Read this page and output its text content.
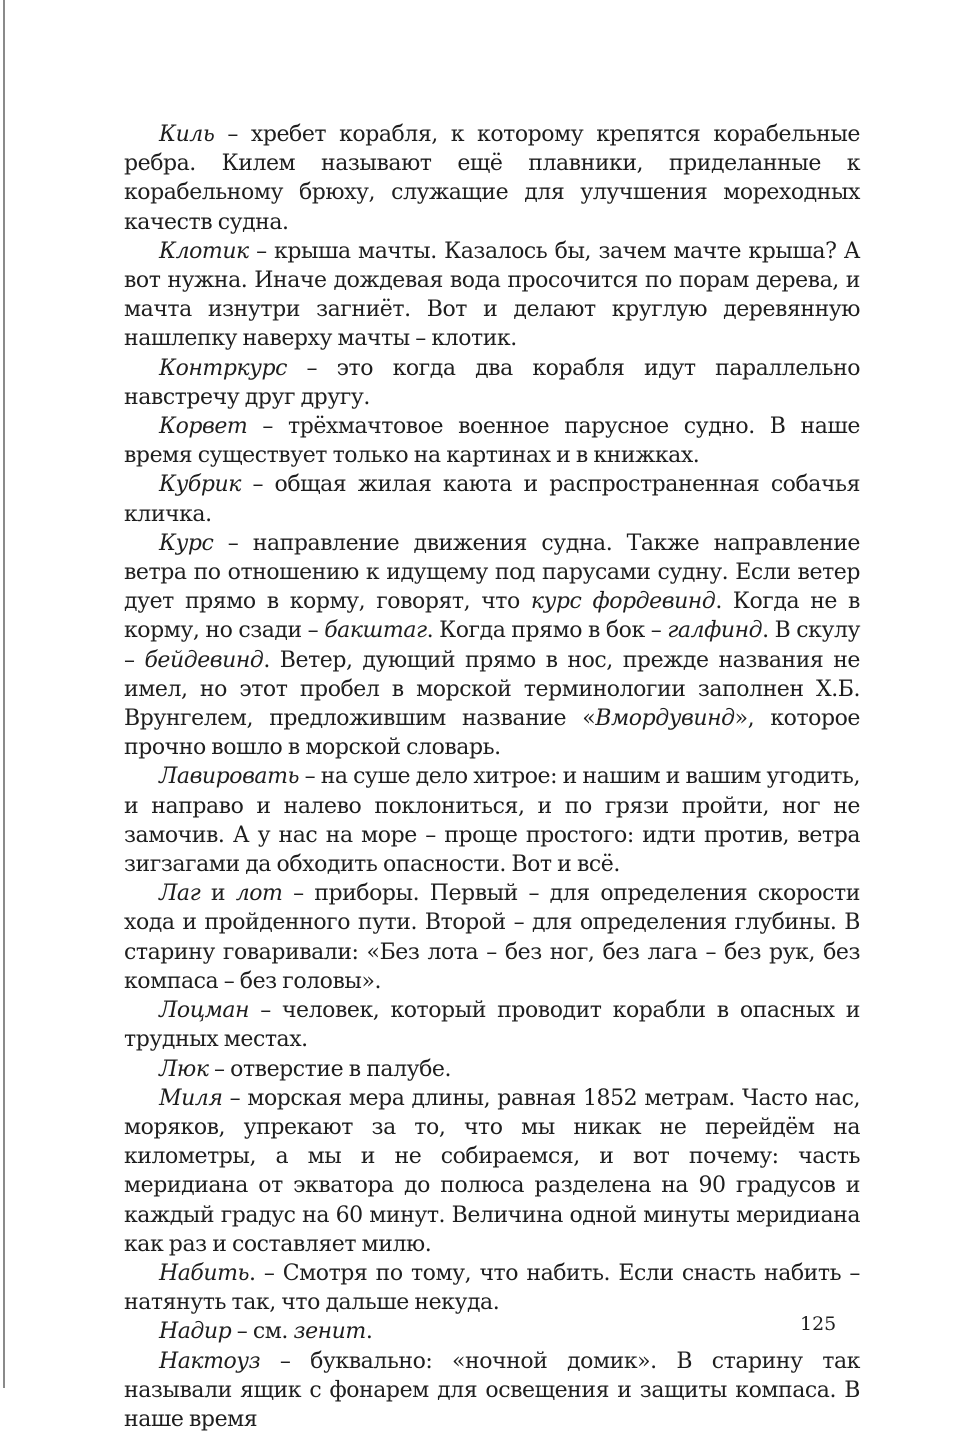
Киль – хребет корабля, к которому крепятся корабельные ребра. Килем называют ещё плавники, приделанные к корабельному брюху, служащие для улучшения мореходных качеств судна.

Клотик – крыша мачты. Казалось бы, зачем мачте крыша? А вот нужна. Иначе дождевая вода просочится по порам дерева, и мачта изнутри загниёт. Вот и делают круглую деревянную нашлепку наверху мачты – клотик.

Контркурс – это когда два корабля идут параллельно навстречу друг другу.

Корвет – трёхмачтовое военное парусное судно. В наше время существует только на картинах и в книжках.

Кубрик – общая жилая каюта и распространенная собачья кличка.

Курс – направление движения судна. Также направление ветра по отношению к идущему под парусами судну. Если ветер дует прямо в корму, говорят, что курс фордевинд. Когда не в корму, но сзади – бакштаг. Когда прямо в бок – галфинд. В скулу – бейдевинд. Ветер, дующий прямо в нос, прежде названия не имел, но этот пробел в морской терминологии заполнен Х.Б. Врунгелем, предложившим название «Вмордувинд», которое прочно вошло в морской словарь.

Лавировать – на суше дело хитрое: и нашим и вашим угодить, и направо и налево поклониться, и по грязи пройти, ног не замочив. А у нас на море – проще простого: идти против, ветра зигзагами да обходить опасности. Вот и всё.

Лаг и лот – приборы. Первый – для определения скорости хода и пройденного пути. Второй – для определения глубины. В старину говаривали: «Без лота – без ног, без лага – без рук, без компаса – без головы».

Лоцман – человек, который проводит корабли в опасных и трудных местах.

Люк – отверстие в палубе.

Миля – морская мера длины, равная 1852 метрам. Часто нас, моряков, упрекают за то, что мы никак не перейдём на километры, а мы и не собираемся, и вот почему: часть меридиана от экватора до полюса разделена на 90 градусов и каждый градус на 60 минут. Величина одной минуты меридиана как раз и составляет милю.

Набить. – Смотря по тому, что набить. Если снасть набить – натянуть так, что дальше некуда.

Надир – см. зенит.

Нактоуз – буквально: «ночной домик». В старину так называли ящик с фонарем для освещения и защиты компаса. В наше время

125
